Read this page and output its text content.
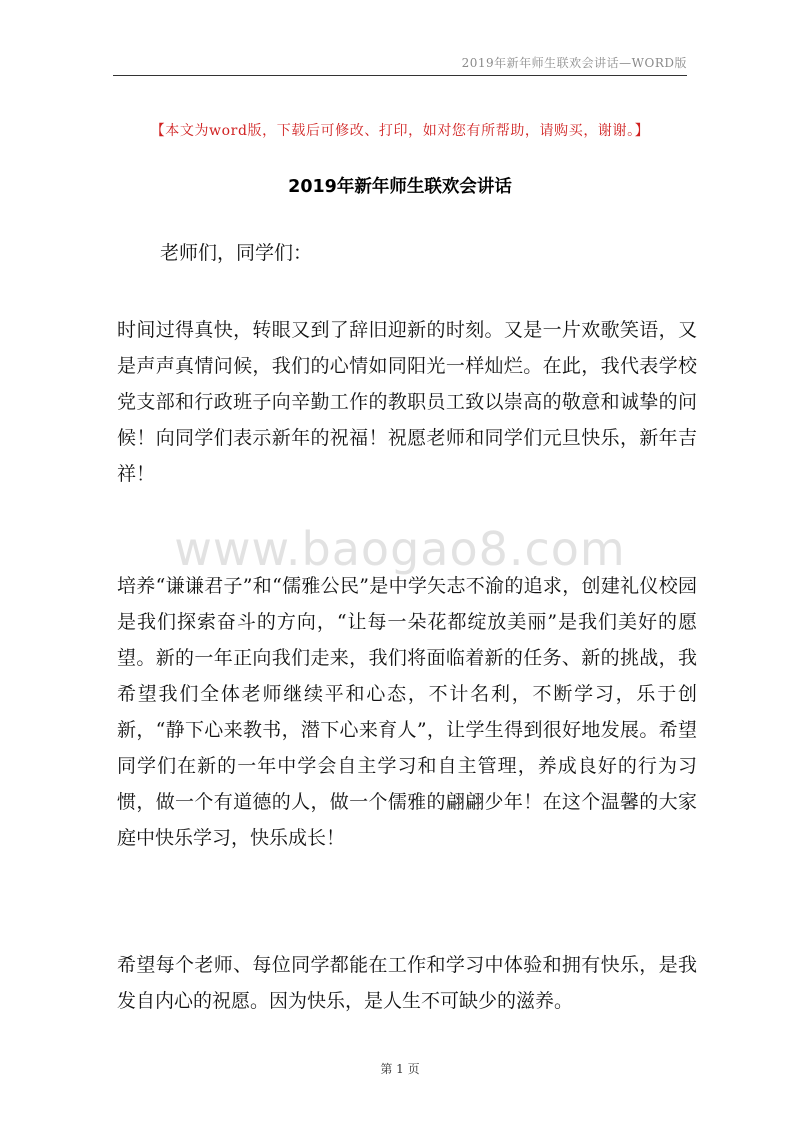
2019年新年师生联欢会讲话—WORD版
【本文为word版，下载后可修改、打印，如对您有所帮助，请购买，谢谢。】
2019年新年师生联欢会讲话
老师们，同学们：

时间过得真快，转眼又到了辞旧迎新的时刻。又是一片欢歌笑语，又是声声真情问候，我们的心情如同阳光一样灿烂。在此，我代表学校党支部和行政班子向辛勤工作的教职员工致以崇高的敬意和诚挚的问候！向同学们表示新年的祝福！祝愿老师和同学们元旦快乐，新年吉祥！

www.baogao8.com

培养“谦谦君子”和“儒雅公民”是中学矢志不渝的追求，创建礼仪校园是我们探索奋斗的方向，“让每一朵花都绽放美丽”是我们美好的愿望。新的一年正向我们走来，我们将面临着新的任务、新的挑战，我希望我们全体老师继续平和心态，不计名利，不断学习，乐于创新，“静下心来教书，潜下心来育人”，让学生得到很好地发展。希望同学们在新的一年中学会自主学习和自主管理，养成良好的行为习惯，做一个有道德的人，做一个儒雅的翩翩少年！在这个温馨的大家庭中快乐学习，快乐成长！

希望每个老师、每位同学都能在工作和学习中体验和拥有快乐，是我发自内心的祝愿。因为快乐，是人生不可缺少的滋养。

第 1 页
